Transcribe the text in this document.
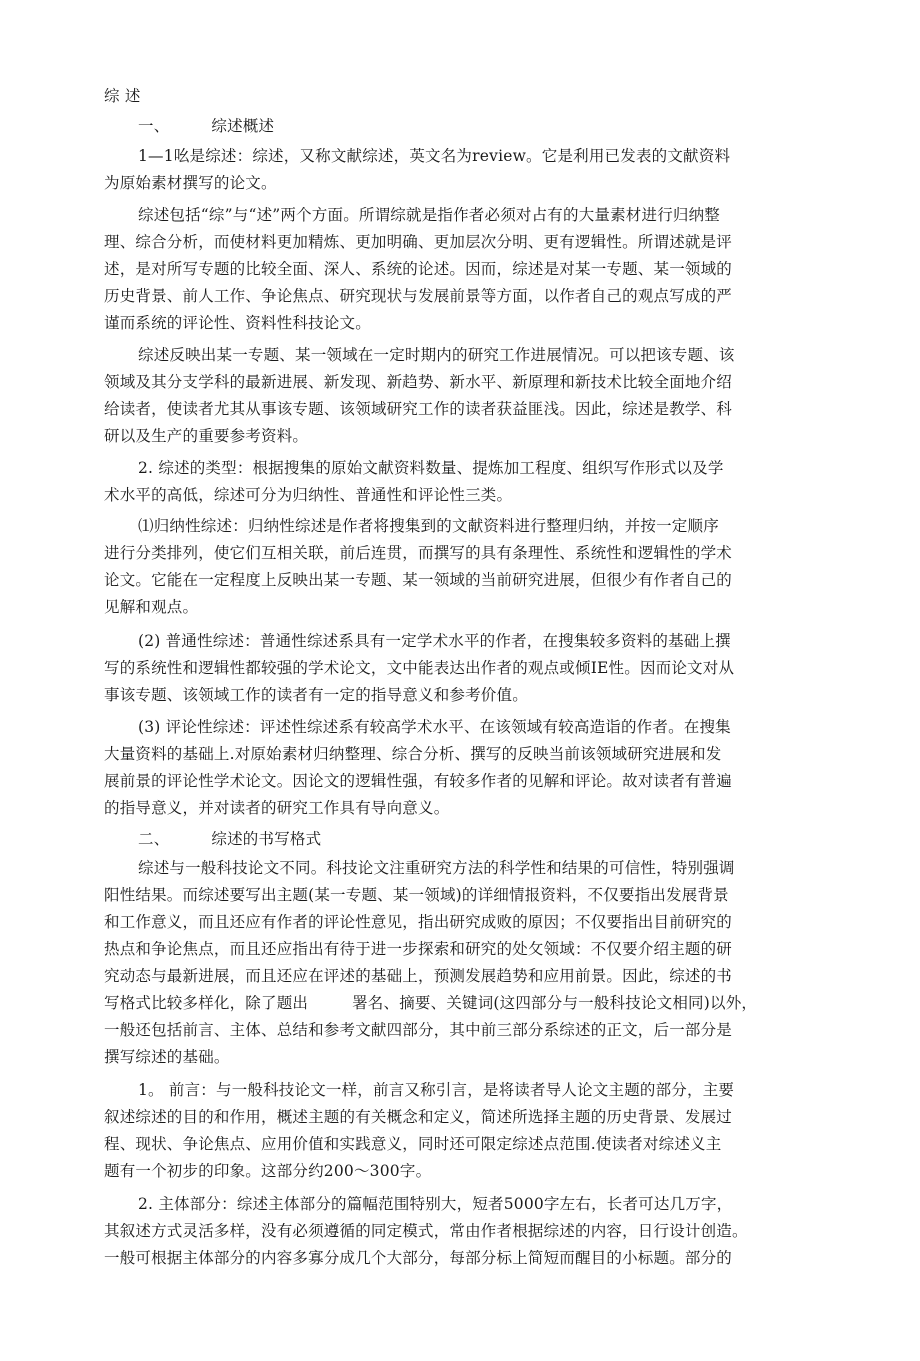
综 述
一、	综述概述
1—1吆是综述：综述，又称文献综述，英文名为review。它是利用已发表的文献资料
为原始素材撰写的论文。
综述包括“综”与“述”两个方面。所谓综就是指作者必须对占有的大量素材进行归纳整
理、综合分析，而使材料更加精炼、更加明确、更加层次分明、更有逻辑性。所谓述就是评
述，是对所写专题的比较全面、深人、系统的论述。因而，综述是对某一专题、某一领域的
历史背景、前人工作、争论焦点、研究现状与发展前景等方面，以作者自己的观点写成的严
谨而系统的评论性、资料性科技论文。
综述反映出某一专题、某一领域在一定时期内的研究工作进展情况。可以把该专题、该
领域及其分支学科的最新进展、新发现、新趋势、新水平、新原理和新技术比较全面地介绍
给读者，使读者尤其从事该专题、该领域研究工作的读者获益匪浅。因此，综述是教学、科
研以及生产的重要参考资料。
2. 综述的类型：根据搜集的原始文献资料数量、提炼加工程度、组织写作形式以及学
术水平的高低，综述可分为归纳性、普通性和评论性三类。
⑴归纳性综述：归纳性综述是作者将搜集到的文献资料进行整理归纳，并按一定顺序
进行分类排列，使它们互相关联，前后连贯，而撰写的具有条理性、系统性和逻辑性的学术
论文。它能在一定程度上反映出某一专题、某一领域的当前研究进展，但很少有作者自己的
见解和观点。
(2) 普通性综述：普通性综述系具有一定学术水平的作者，在搜集较多资料的基础上撰
写的系统性和逻辑性都较强的学术论文，文中能表达出作者的观点或倾IE性。因而论文对从
事该专题、该领域工作的读者有一定的指导意义和参考价值。
(3) 评论性综述：评述性综述系有较高学术水平、在该领域有较高造诣的作者。在搜集
大量资料的基础上.对原始素材归纳整理、综合分析、撰写的反映当前该领域研究进展和发
展前景的评论性学术论文。因论文的逻辑性强，有较多作者的见解和评论。故对读者有普遍
的指导意义，并对读者的研究工作具有导向意义。
二、	综述的书写格式
综述与一般科技论文不同。科技论文注重研究方法的科学性和结果的可信性，特别强调
阳性结果。而综述要写出主题(某一专题、某一领域)的详细情报资料，不仅要指出发展背景
和工作意义，而且还应有作者的评论性意见，指出研究成败的原因；不仅要指出目前研究的
热点和争论焦点，而且还应指出有待于进一步探索和研究的处攵领域：不仅要介绍主题的研
究动态与最新进展，而且还应在评述的基础上，预测发展趋势和应用前景。因此，综述的书
写格式比较多样化，除了题出	署名、摘要、关键词(这四部分与一般科技论文相同)以外，
一般还包括前言、主体、总结和参考文献四部分，其中前三部分系综述的正文，后一部分是
撰写综述的基础。
1。 前言：与一般科技论文一样，前言又称引言，是将读者导人论文主题的部分，主要
叙述综述的目的和作用，概述主题的有关概念和定义，简述所选择主题的历史背景、发展过
程、现状、争论焦点、应用价值和实践意义，同时还可限定综述点范围.使读者对综述义主
题有一个初步的印象。这部分约200～300字。
2. 主体部分：综述主体部分的篇幅范围特别大，短者5000字左右，长者可达几万字，
其叙述方式灵活多样，没有必须遵循的同定模式，常由作者根据综述的内容，日行设计创造。
一般可根据主体部分的内容多寡分成几个大部分，每部分标上简短而醒目的小标题。部分的
